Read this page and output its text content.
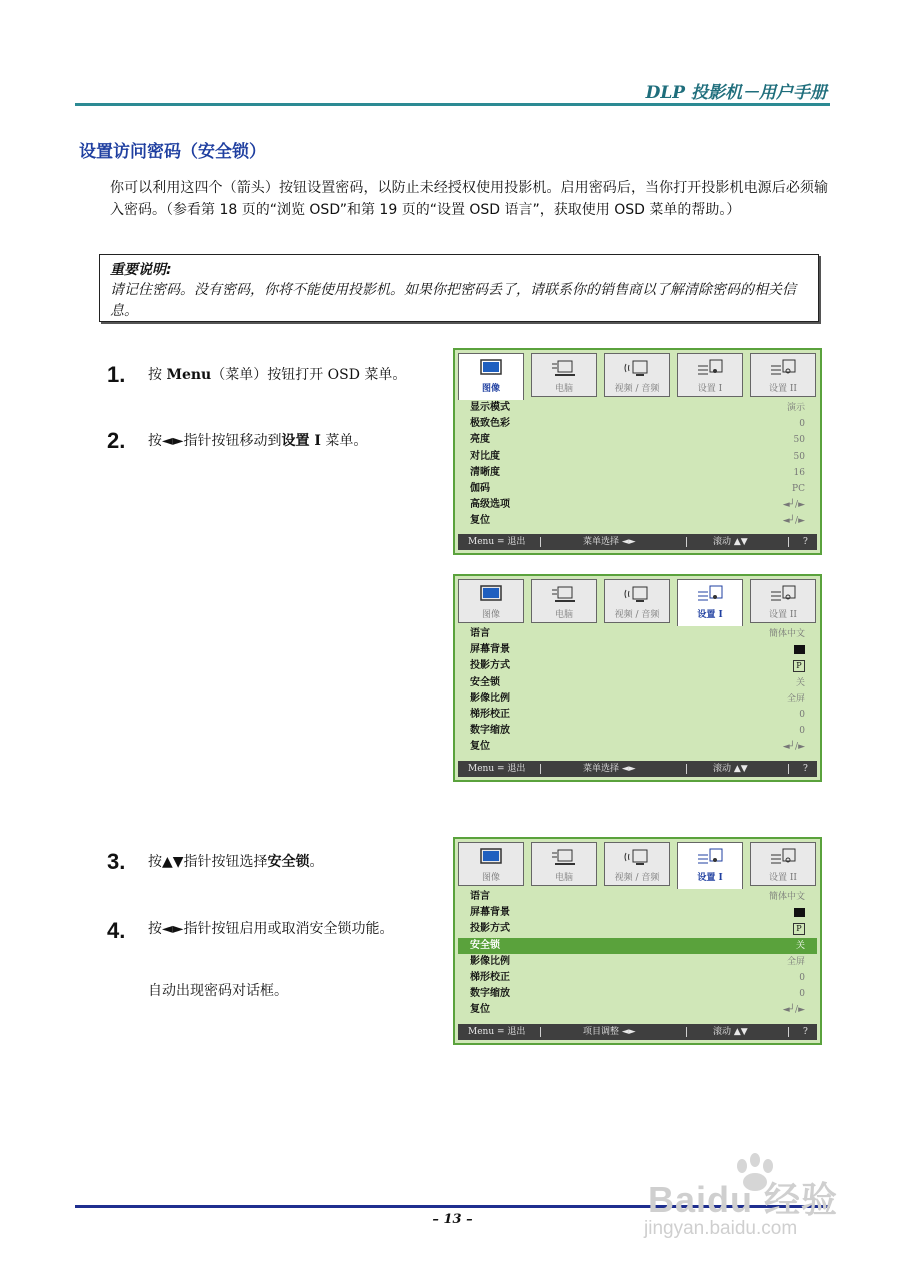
DLP 投影机－用户手册
设置访问密码（安全锁）
你可以利用这四个（箭头）按钮设置密码，以防止未经授权使用投影机。启用密码后，当你打开投影机电源后必须输入密码。（参看第 18 页的“浏览 OSD”和第 19 页的“设置 OSD 语言”，获取使用 OSD 菜单的帮助。）
重要说明:
请记住密码。没有密码，你将不能使用投影机。如果你把密码丢了，请联系你的销售商以了解清除密码的相关信息。
1. 按 Menu（菜单）按钮打开 OSD 菜单。
2. 按◄►指针按钮移动到设置 I 菜单。
3. 按▲▼指针按钮选择安全锁。
4. 按◄►指针按钮启用或取消安全锁功能。
自动出现密码对话框。
图像	电脑	视频 / 音频	设置 I	设置 II
显示模式	演示
极致色彩	0
亮度	50
对比度	50
清晰度	16
伽码	PC
高级选项	◄┘/►
复位	◄┘/►
Menu = 退出	菜单选择 ◄►	滚动 ▲▼	?
图像	电脑	视频 / 音频	设置 I	设置 II
语言	簡体中文
屏幕背景
投影方式	P
安全锁	关
影像比例	全屏
梯形校正	0
数字缩放	0
复位	◄┘/►
Menu = 退出	菜单选择 ◄►	滚动 ▲▼	?
图像	电脑	视频 / 音频	设置 I	设置 II
语言	簡体中文
屏幕背景
投影方式	P
安全锁	关
影像比例	全屏
梯形校正	0
数字缩放	0
复位	◄┘/►
Menu = 退出	项目调整 ◄►	滚动 ▲▼	?
– 13 –	Baidu 经验
jingyan.baidu.com
